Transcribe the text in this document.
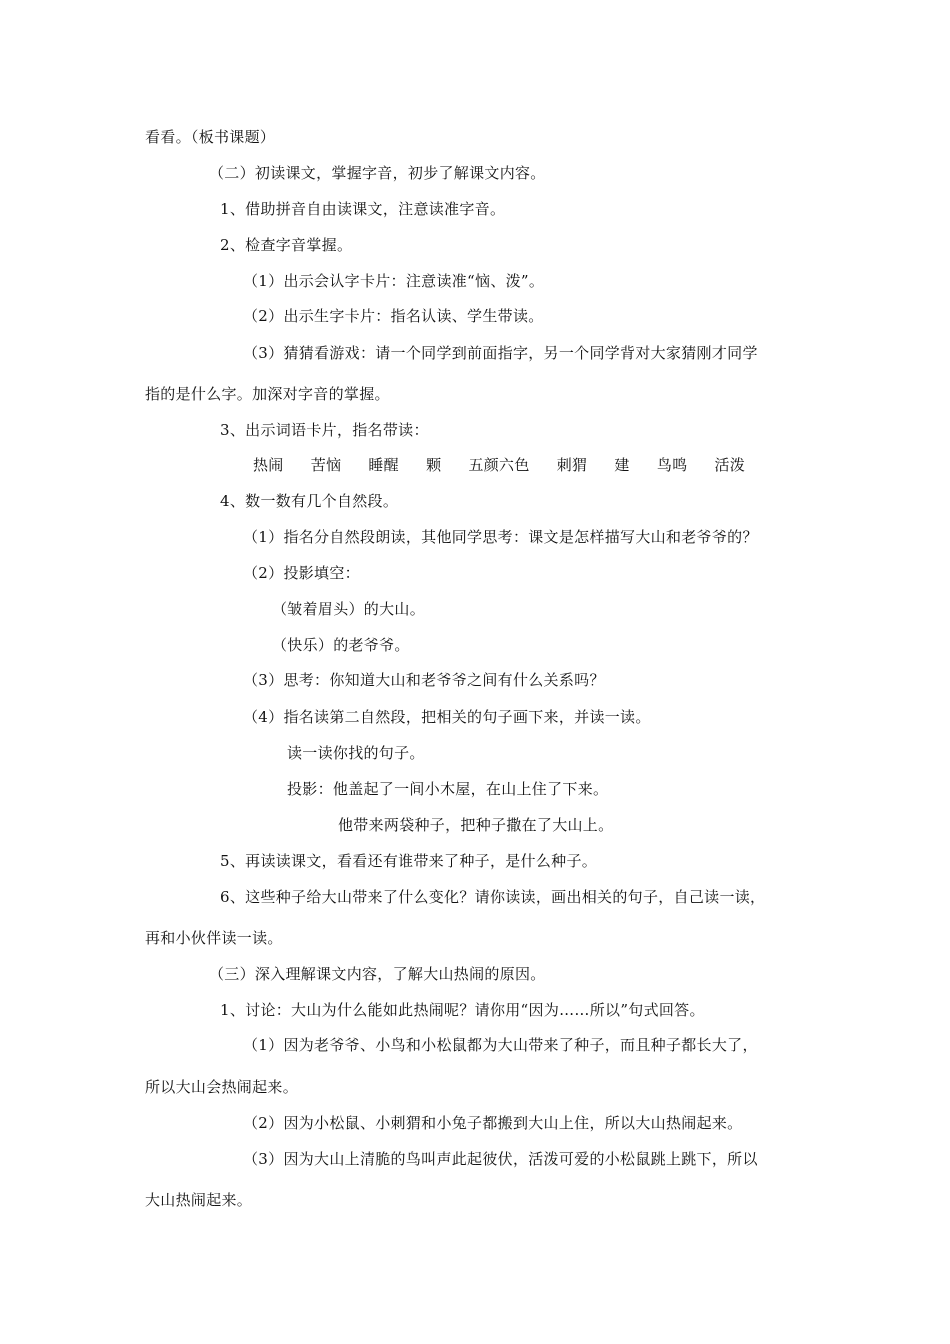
看看。（板书课题）
（二）初读课文，掌握字音，初步了解课文内容。
1、借助拼音自由读课文，注意读准字音。
2、检查字音掌握。
（1）出示会认字卡片：注意读准“恼、泼”。
（2）出示生字卡片：指名认读、学生带读。
（3）猜猜看游戏：请一个同学到前面指字，另一个同学背对大家猜刚才同学
指的是什么字。加深对字音的掌握。
3、出示词语卡片，指名带读：
热闹 苦恼 睡醒 颗 五颜六色 刺猬 建 鸟鸣 活泼
4、数一数有几个自然段。
（1）指名分自然段朗读，其他同学思考：课文是怎样描写大山和老爷爷的？
（2）投影填空：
（皱着眉头）的大山。
（快乐）的老爷爷。
（3）思考：你知道大山和老爷爷之间有什么关系吗？
（4）指名读第二自然段，把相关的句子画下来，并读一读。
读一读你找的句子。
投影：他盖起了一间小木屋，在山上住了下来。
他带来两袋种子，把种子撒在了大山上。
5、再读读课文，看看还有谁带来了种子，是什么种子。
6、这些种子给大山带来了什么变化？请你读读，画出相关的句子，自己读一读，
再和小伙伴读一读。
（三）深入理解课文内容，了解大山热闹的原因。
1、讨论：大山为什么能如此热闹呢？请你用“因为……所以”句式回答。
（1）因为老爷爷、小鸟和小松鼠都为大山带来了种子，而且种子都长大了，
所以大山会热闹起来。
（2）因为小松鼠、小刺猬和小兔子都搬到大山上住，所以大山热闹起来。
（3）因为大山上清脆的鸟叫声此起彼伏，活泼可爱的小松鼠跳上跳下，所以
大山热闹起来。
